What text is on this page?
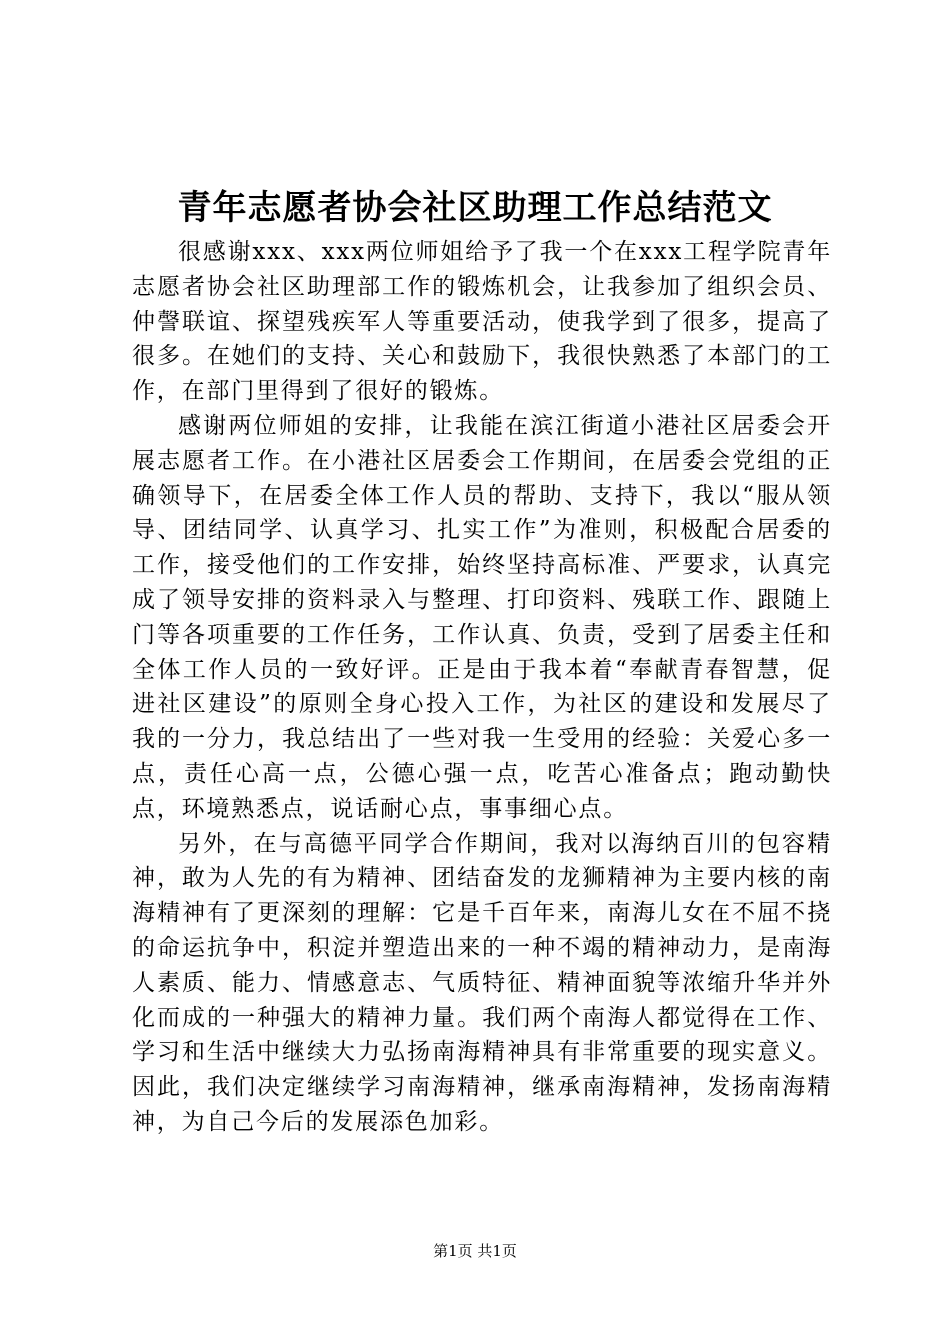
青年志愿者协会社区助理工作总结范文

很感谢xxx、xxx两位师姐给予了我一个在xxx工程学院青年志愿者协会社区助理部工作的锻炼机会，让我参加了组织会员、仲謦联谊、探望残疾军人等重要活动，使我学到了很多，提高了很多。在她们的支持、关心和鼓励下，我很快熟悉了本部门的工作，在部门里得到了很好的锻炼。

感谢两位师姐的安排，让我能在滨江街道小港社区居委会开展志愿者工作。在小港社区居委会工作期间，在居委会党组的正确领导下，在居委全体工作人员的帮助、支持下，我以“服从领导、团结同学、认真学习、扎实工作”为准则，积极配合居委的工作，接受他们的工作安排，始终坚持高标准、严要求，认真完成了领导安排的资料录入与整理、打印资料、残联工作、跟随上门等各项重要的工作任务，工作认真、负责，受到了居委主任和全体工作人员的一致好评。正是由于我本着“奉献青春智慧，促进社区建设”的原则全身心投入工作，为社区的建设和发展尽了我的一分力，我总结出了一些对我一生受用的经验：关爱心多一点，责任心高一点，公德心强一点，吃苦心准备点；跑动勤快点，环境熟悉点，说话耐心点，事事细心点。

另外，在与高德平同学合作期间，我对以海纳百川的包容精神，敢为人先的有为精神、团结奋发的龙狮精神为主要内核的南海精神有了更深刻的理解：它是千百年来，南海儿女在不屈不挠的命运抗争中，积淀并塑造出来的一种不竭的精神动力，是南海人素质、能力、情感意志、气质特征、精神面貌等浓缩升华并外化而成的一种强大的精神力量。我们两个南海人都觉得在工作、学习和生活中继续大力弘扬南海精神具有非常重要的现实意义。因此，我们决定继续学习南海精神，继承南海精神，发扬南海精神，为自己今后的发展添色加彩。

第1页 共1页
